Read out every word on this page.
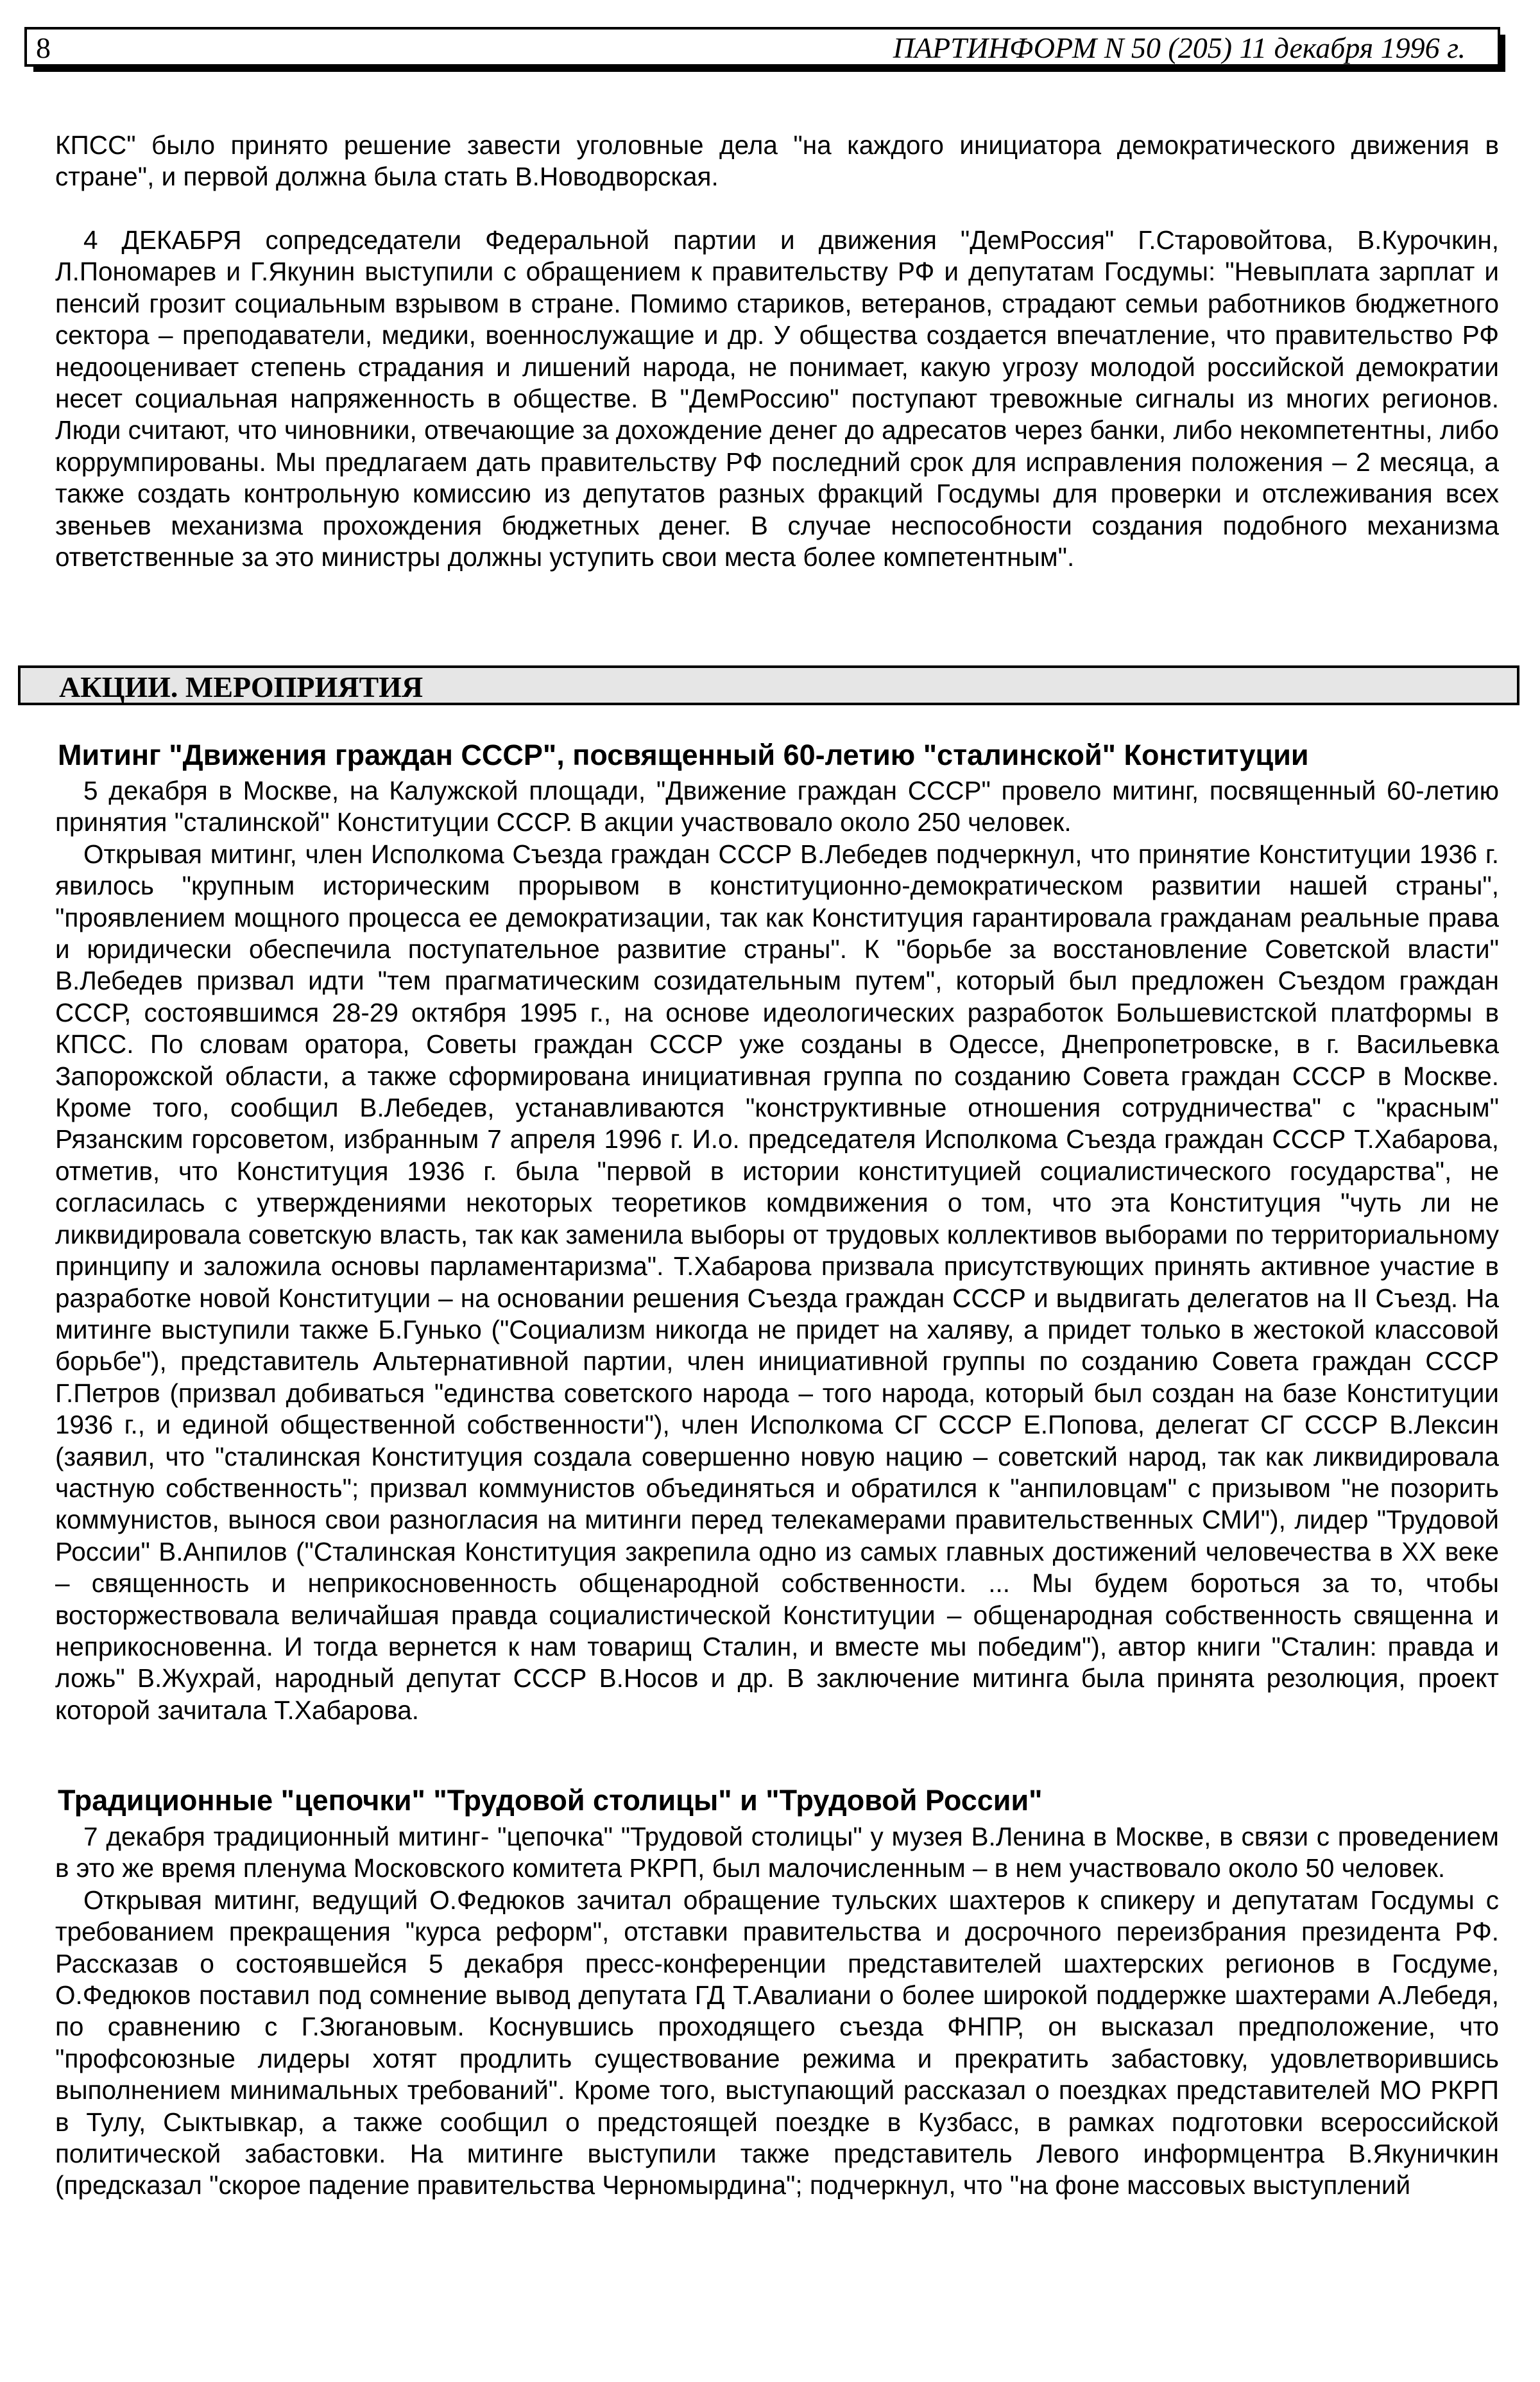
8	ПАРТИНФОРМ N 50 (205) 11 декабря 1996 г.

КПСС" было принято решение завести уголовные дела "на каждого инициатора демократического движения в стране", и первой должна была стать В.Новодворская.

4 ДЕКАБРЯ сопредседатели Федеральной партии и движения "ДемРоссия" Г.Старовойтова, В.Курочкин, Л.Пономарев и Г.Якунин выступили с обращением к правительству РФ и депутатам Госдумы: "Невыплата зарплат и пенсий грозит социальным взрывом в стране. Помимо стариков, ветеранов, страдают семьи работников бюджетного сектора – преподаватели, медики, военнослужащие и др. У общества создается впечатление, что правительство РФ недооценивает степень страдания и лишений народа, не понимает, какую угрозу молодой российской демократии несет социальная напряженность в обществе. В "ДемРоссию" поступают тревожные сигналы из многих регионов. Люди считают, что чиновники, отвечающие за дохождение денег до адресатов через банки, либо некомпетентны, либо коррумпированы. Мы предлагаем дать правительству РФ последний срок для исправления положения – 2 месяца, а также создать контрольную комиссию из депутатов разных фракций Госдумы для проверки и отслеживания всех звеньев механизма прохождения бюджетных денег. В случае неспособности создания подобного механизма ответственные за это министры должны уступить свои места более компетентным".

АКЦИИ. МЕРОПРИЯТИЯ
Митинг "Движения граждан СССР", посвященный 60-летию "сталинской" Конституции

5 декабря в Москве, на Калужской площади, "Движение граждан СССР" провело митинг, посвященный 60-летию принятия "сталинской" Конституции СССР. В акции участвовало около 250 человек.

Открывая митинг, член Исполкома Съезда граждан СССР В.Лебедев подчеркнул, что принятие Конституции 1936 г. явилось "крупным историческим прорывом в конституционно-демократическом развитии нашей страны", "проявлением мощного процесса ее демократизации, так как Конституция гарантировала гражданам реальные права и юридически обеспечила поступательное развитие страны". К "борьбе за восстановление Советской власти" В.Лебедев призвал идти "тем прагматическим созидательным путем", который был предложен Съездом граждан СССР, состоявшимся 28-29 октября 1995 г., на основе идеологических разработок Большевистской платформы в КПСС. По словам оратора, Советы граждан СССР уже созданы в Одессе, Днепропетровске, в г. Васильевка Запорожской области, а также сформирована инициативная группа по созданию Совета граждан СССР в Москве. Кроме того, сообщил В.Лебедев, устанавливаются "конструктивные отношения сотрудничества" с "красным" Рязанским горсоветом, избранным 7 апреля 1996 г. И.о. председателя Исполкома Съезда граждан СССР Т.Хабарова, отметив, что Конституция 1936 г. была "первой в истории конституцией социалистического государства", не согласилась с утверждениями некоторых теоретиков комдвижения о том, что эта Конституция "чуть ли не ликвидировала советскую власть, так как заменила выборы от трудовых коллективов выборами по территориальному принципу и заложила основы парламентаризма". Т.Хабарова призвала присутствующих принять активное участие в разработке новой Конституции – на основании решения Съезда граждан СССР и выдвигать делегатов на II Съезд. На митинге выступили также Б.Гунько ("Социализм никогда не придет на халяву, а придет только в жестокой классовой борьбе"), представитель Альтернативной партии, член инициативной группы по созданию Совета граждан СССР Г.Петров (призвал добиваться "единства советского народа – того народа, который был создан на базе Конституции 1936 г., и единой общественной собственности"), член Исполкома СГ СССР Е.Попова, делегат СГ СССР В.Лексин (заявил, что "сталинская Конституция создала совершенно новую нацию – советский народ, так как ликвидировала частную собственность"; призвал коммунистов объединяться и обратился к "анпиловцам" с призывом "не позорить коммунистов, вынося свои разногласия на митинги перед телекамерами правительственных СМИ"), лидер "Трудовой России" В.Анпилов ("Сталинская Конституция закрепила одно из самых главных достижений человечества в XX веке – священность и неприкосновенность общенародной собственности. ... Мы будем бороться за то, чтобы восторжествовала величайшая правда социалистической Конституции – общенародная собственность священна и неприкосновенна. И тогда вернется к нам товарищ Сталин, и вместе мы победим"), автор книги "Сталин: правда и ложь" В.Жухрай, народный депутат СССР В.Носов и др. В заключение митинга была принята резолюция, проект которой зачитала Т.Хабарова.

Традиционные "цепочки" "Трудовой столицы" и "Трудовой России"

7 декабря традиционный митинг- "цепочка" "Трудовой столицы" у музея В.Ленина в Москве, в связи с проведением в это же время пленума Московского комитета РКРП, был малочисленным – в нем участвовало около 50 человек.

Открывая митинг, ведущий О.Федюков зачитал обращение тульских шахтеров к спикеру и депутатам Госдумы с требованием прекращения "курса реформ", отставки правительства и досрочного переизбрания президента РФ. Рассказав о состоявшейся 5 декабря пресс-конференции представителей шахтерских регионов в Госдуме, О.Федюков поставил под сомнение вывод депутата ГД Т.Авалиани о более широкой поддержке шахтерами А.Лебедя, по сравнению с Г.Зюгановым. Коснувшись проходящего съезда ФНПР, он высказал предположение, что "профсоюзные лидеры хотят продлить существование режима и прекратить забастовку, удовлетворившись выполнением минимальных требований". Кроме того, выступающий рассказал о поездках представителей МО РКРП в Тулу, Сыктывкар, а также сообщил о предстоящей поездке в Кузбасс, в рамках подготовки всероссийской политической забастовки. На митинге выступили также представитель Левого информцентра В.Якуничкин (предсказал "скорое падение правительства Черномырдина"; подчеркнул, что "на фоне массовых выступлений
